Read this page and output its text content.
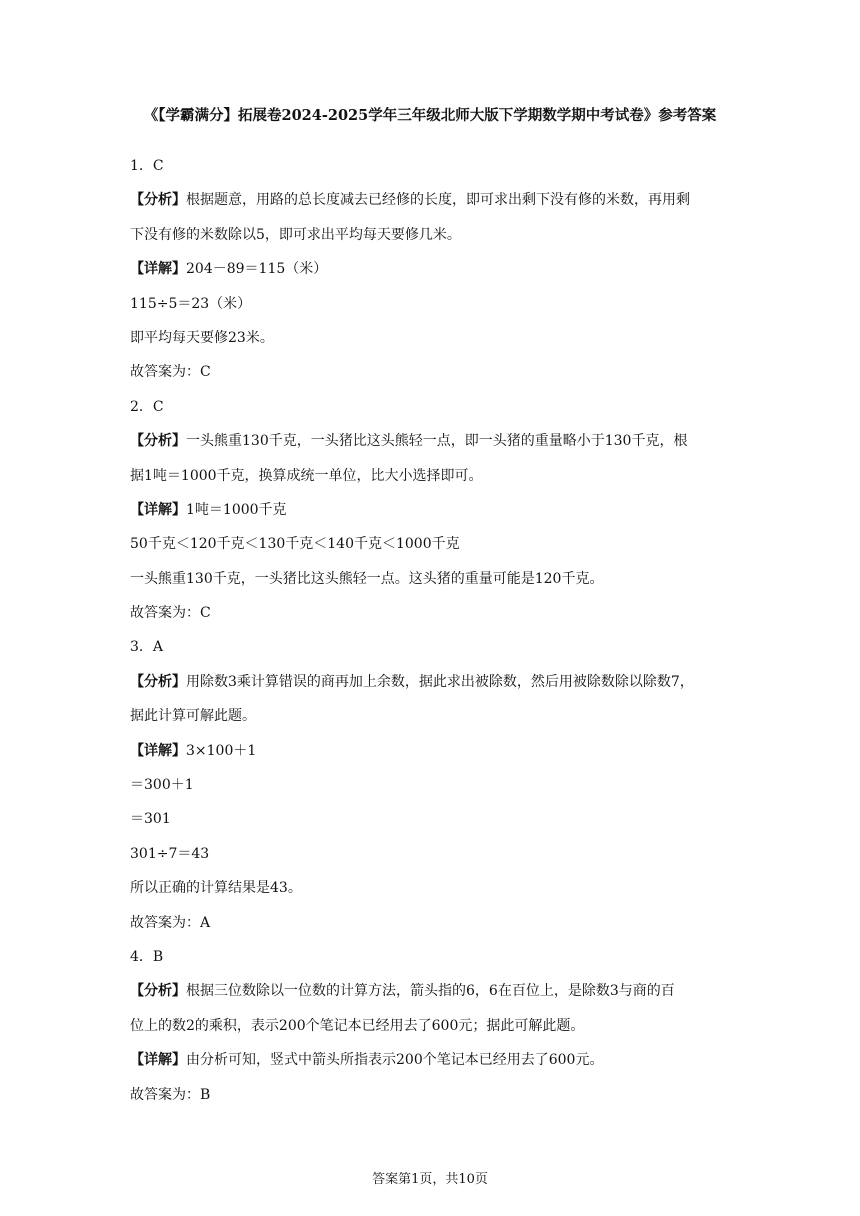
《【学霸满分】拓展卷2024-2025学年三年级北师大版下学期数学期中考试卷》参考答案
1．C
【分析】根据题意，用路的总长度减去已经修的长度，即可求出剩下没有修的米数，再用剩
下没有修的米数除以5，即可求出平均每天要修几米。
【详解】204－89＝115（米）
115÷5＝23（米）
即平均每天要修23米。
故答案为：C
2．C
【分析】一头熊重130千克，一头猪比这头熊轻一点，即一头猪的重量略小于130千克，根
据1吨＝1000千克，换算成统一单位，比大小选择即可。
【详解】1吨＝1000千克
50千克＜120千克＜130千克＜140千克＜1000千克
一头熊重130千克，一头猪比这头熊轻一点。这头猪的重量可能是120千克。
故答案为：C
3．A
【分析】用除数3乘计算错误的商再加上余数，据此求出被除数，然后用被除数除以除数7，
据此计算可解此题。
【详解】3×100＋1
＝300＋1
＝301
301÷7＝43
所以正确的计算结果是43。
故答案为：A
4．B
【分析】根据三位数除以一位数的计算方法，箭头指的6，6在百位上，是除数3与商的百
位上的数2的乘积，表示200个笔记本已经用去了600元；据此可解此题。
【详解】由分析可知，竖式中箭头所指表示200个笔记本已经用去了600元。
故答案为：B
答案第1页，共10页
